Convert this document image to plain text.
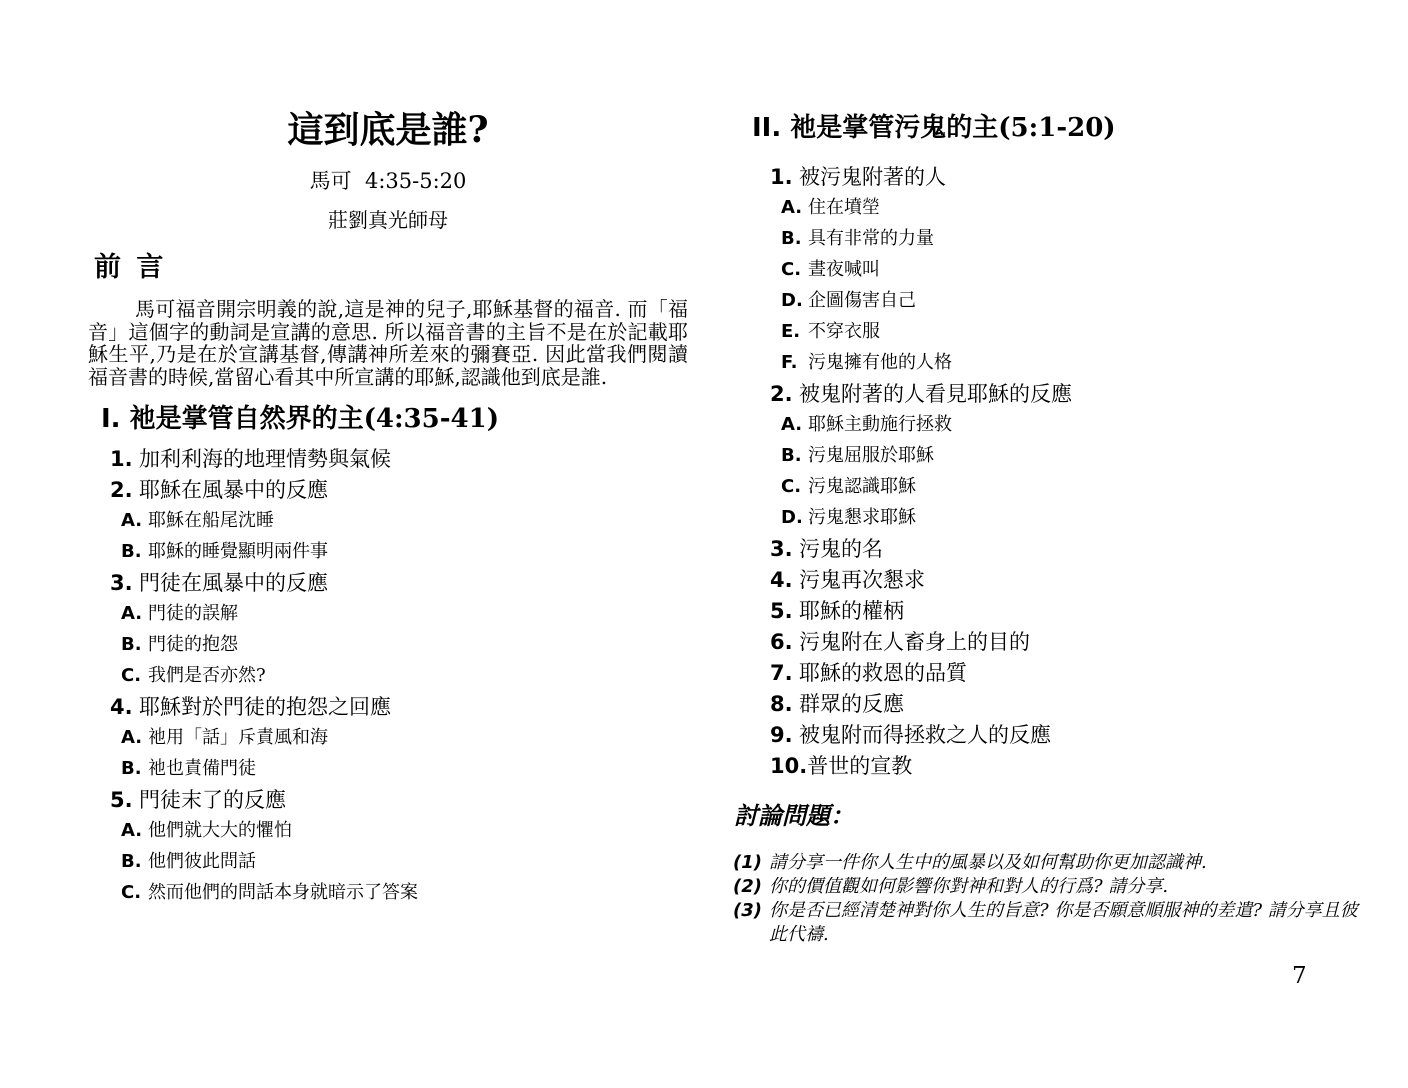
這到底是誰?
馬可  4:35-5:20
莊劉真光師母
前 言
馬可福音開宗明義的說,這是神的兒子,耶穌基督的福音. 而「福音」這個字的動詞是宣講的意思. 所以福音書的主旨不是在於記載耶穌生平,乃是在於宣講基督,傳講神所差來的彌賽亞. 因此當我們閱讀福音書的時候,當留心看其中所宣講的耶穌,認識他到底是誰.
I. 祂是掌管自然界的主(4:35-41)
1. 加利利海的地理情勢與氣候
2. 耶穌在風暴中的反應
A. 耶穌在船尾沈睡
B. 耶穌的睡覺顯明兩件事
3. 門徒在風暴中的反應
A. 門徒的誤解
B. 門徒的抱怨
C. 我們是否亦然?
4. 耶穌對於門徒的抱怨之回應
A. 祂用「話」斥責風和海
B. 祂也責備門徒
5. 門徒末了的反應
A. 他們就大大的懼怕
B. 他們彼此問話
C. 然而他們的問話本身就暗示了答案
II. 祂是掌管污鬼的主(5:1-20)
1. 被污鬼附著的人
A. 住在墳塋
B. 具有非常的力量
C. 晝夜喊叫
D. 企圖傷害自己
E. 不穿衣服
F. 污鬼擁有他的人格
2. 被鬼附著的人看見耶穌的反應
A. 耶穌主動施行拯救
B. 污鬼屈服於耶穌
C. 污鬼認識耶穌
D. 污鬼懇求耶穌
3. 污鬼的名
4. 污鬼再次懇求
5. 耶穌的權柄
6. 污鬼附在人畜身上的目的
7. 耶穌的救恩的品質
8. 群眾的反應
9. 被鬼附而得拯救之人的反應
10. 普世的宣教
討論問題：
(1) 請分享一件你人生中的風暴以及如何幫助你更加認識神.
(2) 你的價值觀如何影響你對神和對人的行爲? 請分享.
(3) 你是否已經清楚神對你人生的旨意? 你是否願意順服神的差遣? 請分享且彼此代禱.
7
